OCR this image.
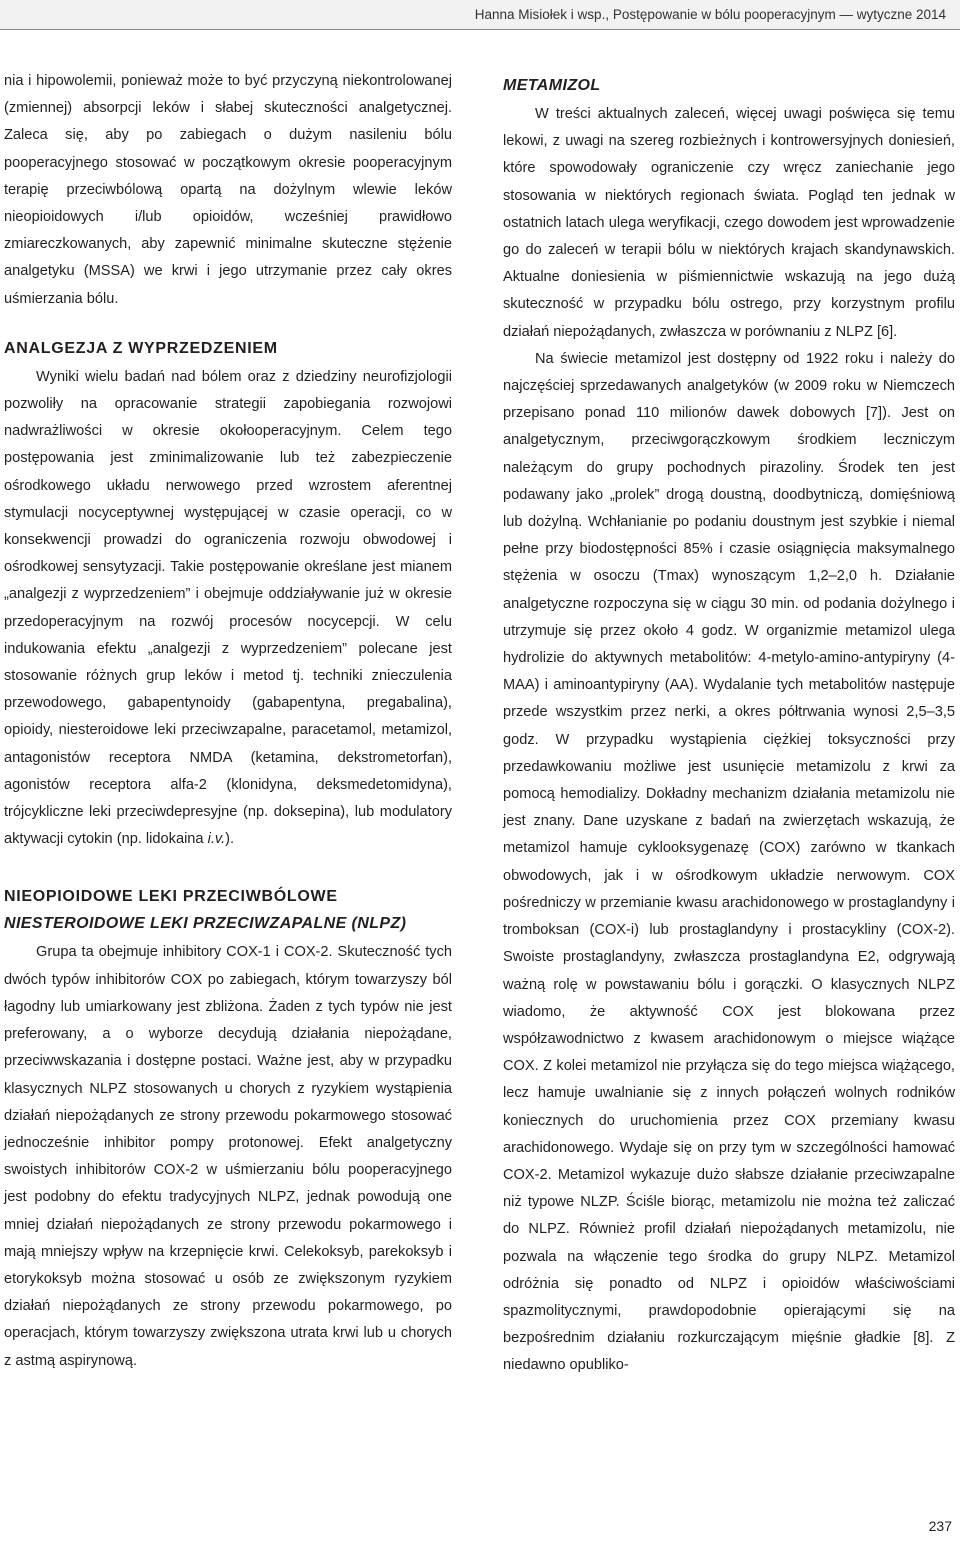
Hanna Misiołek i wsp., Postępowanie w bólu pooperacyjnym — wytyczne 2014

nia i hipowolemii, ponieważ może to być przyczyną niekontrolowanej (zmiennej) absorpcji leków i słabej skuteczności analgetycznej. Zaleca się, aby po zabiegach o dużym nasileniu bólu pooperacyjnego stosować w początkowym okresie pooperacyjnym terapię przeciwbólową opartą na dożylnym wlewie leków nieopioidowych i/lub opioidów, wcześniej prawidłowo zmiareczkowanych, aby zapewnić minimalne skuteczne stężenie analgetyku (MSSA) we krwi i jego utrzymanie przez cały okres uśmierzania bólu.

ANALGEZJA Z WYPRZEDZENIEM

Wyniki wielu badań nad bólem oraz z dziedziny neurofizjologii pozwoliły na opracowanie strategii zapobiegania rozwojowi nadwrażliwości w okresie okołooperacyjnym. Celem tego postępowania jest zminimalizowanie lub też zabezpieczenie ośrodkowego układu nerwowego przed wzrostem aferentnej stymulacji nocyceptywnej występującej w czasie operacji, co w konsekwencji prowadzi do ograniczenia rozwoju obwodowej i ośrodkowej sensytyzacji. Takie postępowanie określane jest mianem „analgezji z wyprzedzeniem” i obejmuje oddziaływanie już w okresie przedoperacyjnym na rozwój procesów nocycepcji. W celu indukowania efektu „analgezji z wyprzedzeniem” polecane jest stosowanie różnych grup leków i metod tj. techniki znieczulenia przewodowego, gabapentynoidy (gabapentyna, pregabalina), opioidy, niesteroidowe leki przeciwzapalne, paracetamol, metamizol, antagonistów receptora NMDA (ketamina, dekstrometorfan), agonistów receptora alfa-2 (klonidyna, deksmedetomidyna), trójcykliczne leki przeciwdepresyjne (np. doksepina), lub modulatory aktywacji cytokin (np. lidokaina i.v.).

NIEOPIOIDOWE LEKI PRZECIWBÓLOWE
NIESTEROIDOWE LEKI PRZECIWZAPALNE (NLPZ)

Grupa ta obejmuje inhibitory COX-1 i COX-2. Skuteczność tych dwóch typów inhibitorów COX po zabiegach, którym towarzyszy ból łagodny lub umiarkowany jest zbliżona. Żaden z tych typów nie jest preferowany, a o wyborze decydują działania niepożądane, przeciwwskazania i dostępne postaci. Ważne jest, aby w przypadku klasycznych NLPZ stosowanych u chorych z ryzykiem wystąpienia działań niepożądanych ze strony przewodu pokarmowego stosować jednocześnie inhibitor pompy protonowej. Efekt analgetyczny swoistych inhibitorów COX-2 w uśmierzaniu bólu pooperacyjnego jest podobny do efektu tradycyjnych NLPZ, jednak powodują one mniej działań niepożądanych ze strony przewodu pokarmowego i mają mniejszy wpływ na krzepnięcie krwi. Celekoksyb, parekoksyb i etorykoksyb można stosować u osób ze zwiększonym ryzykiem działań niepożądanych ze strony przewodu pokarmowego, po operacjach, którym towarzyszy zwiększona utrata krwi lub u chorych z astmą aspirynową.

METAMIZOL

W treści aktualnych zaleceń, więcej uwagi poświęca się temu lekowi, z uwagi na szereg rozbieżnych i kontrowersyjnych doniesień, które spowodowały ograniczenie czy wręcz zaniechanie jego stosowania w niektórych regionach świata. Pogląd ten jednak w ostatnich latach ulega weryfikacji, czego dowodem jest wprowadzenie go do zaleceń w terapii bólu w niektórych krajach skandynawskich. Aktualne doniesienia w piśmiennictwie wskazują na jego dużą skuteczność w przypadku bólu ostrego, przy korzystnym profilu działań niepożądanych, zwłaszcza w porównaniu z NLPZ [6].

Na świecie metamizol jest dostępny od 1922 roku i należy do najczęściej sprzedawanych analgetyków (w 2009 roku w Niemczech przepisano ponad 110 milionów dawek dobowych [7]). Jest on analgetycznym, przeciwgorączkowym środkiem leczniczym należącym do grupy pochodnych pirazoliny. Środek ten jest podawany jako „prolek” drogą doustną, doodbytniczą, domięśniową lub dożylną. Wchłanianie po podaniu doustnym jest szybkie i niemal pełne przy biodostępności 85% i czasie osiągnięcia maksymalnego stężenia w osoczu (Tmax) wynoszącym 1,2–2,0 h. Działanie analgetyczne rozpoczyna się w ciągu 30 min. od podania dożylnego i utrzymuje się przez około 4 godz. W organizmie metamizol ulega hydrolizie do aktywnych metabolitów: 4-metylo-amino-antypiryny (4-MAA) i aminoantypiryny (AA). Wydalanie tych metabolitów następuje przede wszystkim przez nerki, a okres półtrwania wynosi 2,5–3,5 godz. W przypadku wystąpienia ciężkiej toksyczności przy przedawkowaniu możliwe jest usunięcie metamizolu z krwi za pomocą hemodializy. Dokładny mechanizm działania metamizolu nie jest znany. Dane uzyskane z badań na zwierzętach wskazują, że metamizol hamuje cyklooksygenazę (COX) zarówno w tkankach obwodowych, jak i w ośrodkowym układzie nerwowym. COX pośredniczy w przemianie kwasu arachidonowego w prostaglandyny i tromboksan (COX-i) lub prostaglandyny i prostacykliny (COX-2). Swoiste prostaglandyny, zwłaszcza prostaglandyna E2, odgrywają ważną rolę w powstawaniu bólu i gorączki. O klasycznych NLPZ wiadomo, że aktywność COX jest blokowana przez współzawodnictwo z kwasem arachidonowym o miejsce wiążące COX. Z kolei metamizol nie przyłącza się do tego miejsca wiążącego, lecz hamuje uwalnianie się z innych połączeń wolnych rodników koniecznych do uruchomienia przez COX przemiany kwasu arachidonowego. Wydaje się on przy tym w szczególności hamować COX-2. Metamizol wykazuje dużo słabsze działanie przeciwzapalne niż typowe NLZP. Ściśle biorąc, metamizolu nie można też zaliczać do NLPZ. Również profil działań niepożądanych metamizolu, nie pozwala na włączenie tego środka do grupy NLPZ. Metamizol odróżnia się ponadto od NLPZ i opioidów właściwościami spazmolitycznymi, prawdopodobnie opierającymi się na bezpośrednim działaniu rozkurczającym mięśnie gładkie [8]. Z niedawno opubliko-

237
